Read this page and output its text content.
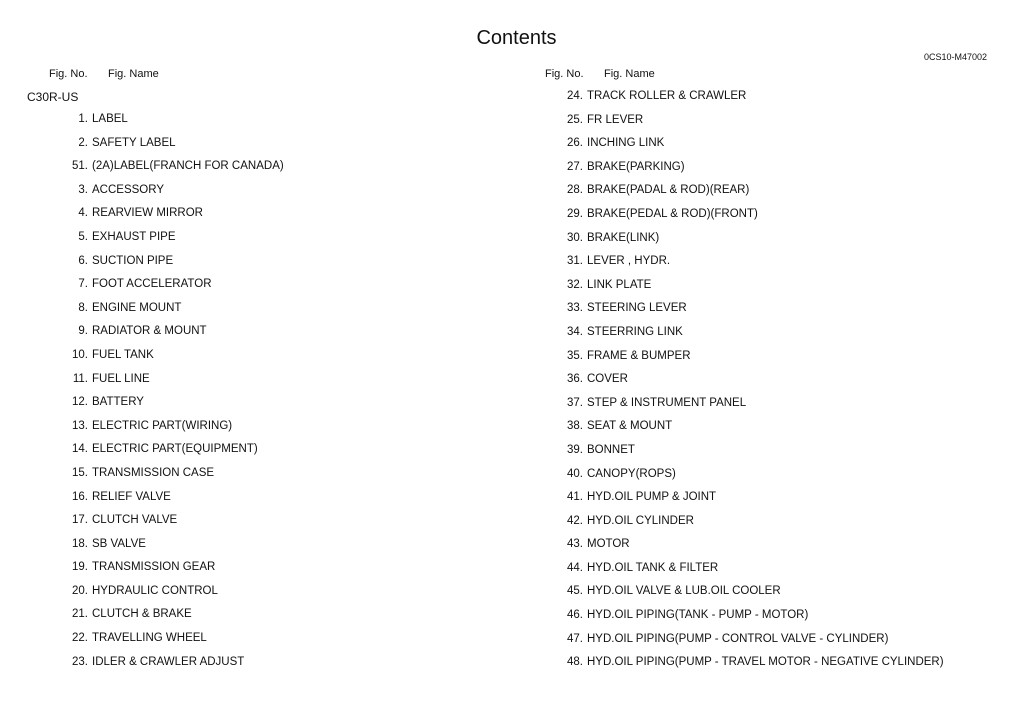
Contents
0CS10-M47002
Fig. No. Fig. Name	Fig. No. Fig. Name
C30R-US
1. LABEL
2. SAFETY LABEL
51. (2A)LABEL(FRANCH FOR CANADA)
3. ACCESSORY
4. REARVIEW MIRROR
5. EXHAUST PIPE
6. SUCTION PIPE
7. FOOT ACCELERATOR
8. ENGINE MOUNT
9. RADIATOR & MOUNT
10. FUEL TANK
11. FUEL LINE
12. BATTERY
13. ELECTRIC PART(WIRING)
14. ELECTRIC PART(EQUIPMENT)
15. TRANSMISSION CASE
16. RELIEF VALVE
17. CLUTCH VALVE
18. SB VALVE
19. TRANSMISSION GEAR
20. HYDRAULIC CONTROL
21. CLUTCH & BRAKE
22. TRAVELLING WHEEL
23. IDLER & CRAWLER ADJUST
24. TRACK ROLLER & CRAWLER
25. FR LEVER
26. INCHING LINK
27. BRAKE(PARKING)
28. BRAKE(PADAL & ROD)(REAR)
29. BRAKE(PEDAL & ROD)(FRONT)
30. BRAKE(LINK)
31. LEVER , HYDR.
32. LINK PLATE
33. STEERING LEVER
34. STEERRING LINK
35. FRAME & BUMPER
36. COVER
37. STEP & INSTRUMENT PANEL
38. SEAT & MOUNT
39. BONNET
40. CANOPY(ROPS)
41. HYD.OIL PUMP & JOINT
42. HYD.OIL CYLINDER
43. MOTOR
44. HYD.OIL TANK & FILTER
45. HYD.OIL VALVE & LUB.OIL COOLER
46. HYD.OIL PIPING(TANK - PUMP - MOTOR)
47. HYD.OIL PIPING(PUMP - CONTROL VALVE - CYLINDER)
48. HYD.OIL PIPING(PUMP - TRAVEL MOTOR - NEGATIVE CYLINDER)
